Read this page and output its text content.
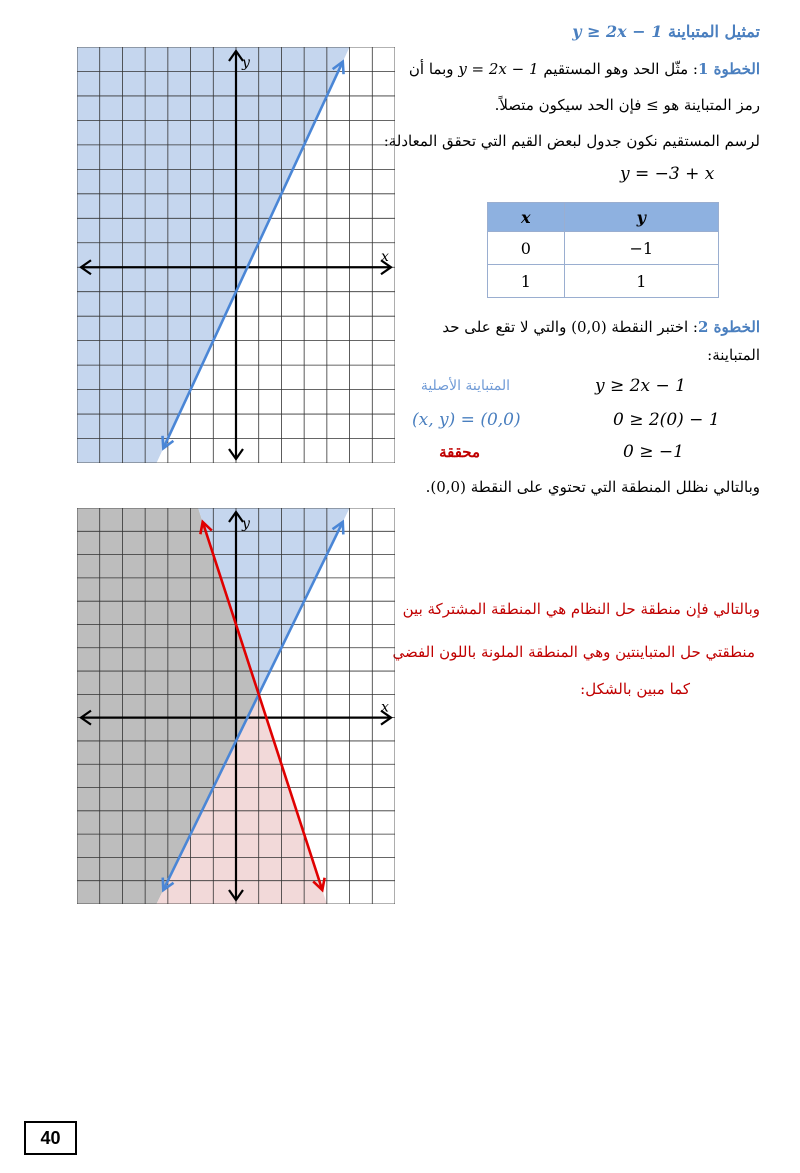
تمثيل المتباينة y ≥ 2x − 1
الخطوة 1: مثّل الحد وهو المستقيم y = 2x − 1 وبما أن
رمز المتباينة هو ≥ فإن الحد سيكون متصلاً.
لرسم المستقيم نكون جدول لبعض القيم التي تحقق المعادلة:
y = −3 + x
x	y
0	−1
1	1
الخطوة 2: اختبر النقطة (0,0) والتي لا تقع على حد
المتباينة:
y ≥ 2x − 1
المتباينة الأصلية
0 ≥ 2(0) − 1
(x, y) = (0,0)
0 ≥ −1
محققة
وبالتالي نظلل المنطقة التي تحتوي على النقطة (0,0).
وبالتالي فإن منطقة حل النظام هي المنطقة المشتركة بين
منطقتي حل المتباينتين وهي المنطقة الملونة باللون الفضي
كما مبين بالشكل:
x
y
x
y
40
